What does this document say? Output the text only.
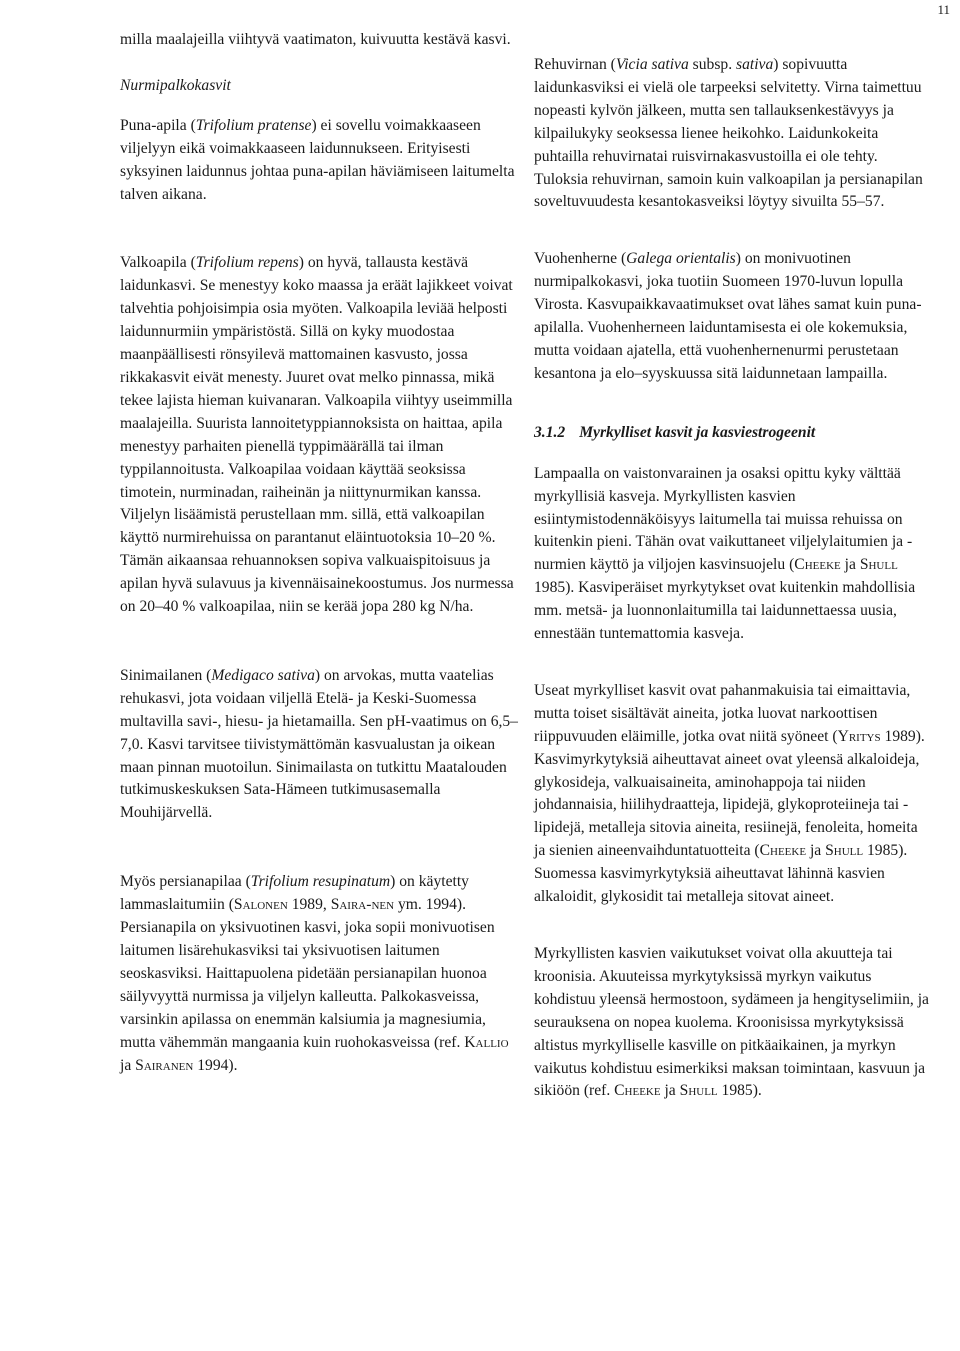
11

milla maalajeilla viihtyvä vaatimaton, kuivuutta kestävä kasvi.

Nurmipalkokasvit

Puna-apila (Trifolium pratense) ei sovellu voimakkaaseen viljelyyn eikä voimakkaaseen laidunnukseen. Erityisesti syksyinen laidunnus johtaa puna-apilan häviämiseen laitumelta talven aikana.

Valkoapila (Trifolium repens) on hyvä, tallausta kestävä laidunkasvi. Se menestyy koko maassa ja eräät lajikkeet voivat talvehtia pohjoisimpia osia myöten. Valkoapila leviää helposti laidunnurmiin ympäristöstä. Sillä on kyky muodostaa maanpäällisesti rönsyilevä mattomainen kasvusto, jossa rikkakasvit eivät menesty. Juuret ovat melko pinnassa, mikä tekee lajista hieman kuivanaran. Valkoapila viihtyy useimmilla maalajeilla. Suurista lannoitetyppiannoksista on haittaa, apila menestyy parhaiten pienellä typpimäärällä tai ilman typpilannoitusta. Valkoapilaa voidaan käyttää seoksissa timotein, nurminadan, raiheinän ja niittynurmikan kanssa. Viljelyn lisäämistä perustellaan mm. sillä, että valkoapilan käyttö nurmirehuissa on parantanut eläintuotoksia 10–20 %. Tämän aikaansaa rehuannoksen sopiva valkuaispitoisuus ja apilan hyvä sulavuus ja kivennäisainekoostumus. Jos nurmessa on 20–40 % valkoapilaa, niin se kerää jopa 280 kg N/ha.

Sinimailanen (Medigaco sativa) on arvokas, mutta vaatelias rehukasvi, jota voidaan viljellä Etelä- ja Keski-Suomessa multavilla savi-, hiesu- ja hietamailla. Sen pH-vaatimus on 6,5–7,0. Kasvi tarvitsee tiivistymättömän kasvualustan ja oikean maan pinnan muotoilun. Sinimailasta on tutkittu Maatalouden tutkimuskeskuksen Sata-Hämeen tutkimusasemalla Mouhijärvellä.

Myös persianapilaa (Trifolium resupinatum) on käytetty lammaslaitumiin (Salonen 1989, Saira-nen ym. 1994). Persianapila on yksivuotinen kasvi, joka sopii monivuotisen laitumen lisärehukasviksi tai yksivuotisen laitumen seoskasviksi. Haittapuolena pidetään persianapilan huonoa säilyvyyttä nurmissa ja viljelyn kalleutta. Palkokasveissa, varsinkin apilassa on enemmän kalsiumia ja magnesiumia, mutta vähemmän mangaania kuin ruohokasveissa (ref. Kallio ja Sairanen 1994).

Rehuvirnan (Vicia sativa subsp. sativa) sopivuutta laidunkasviksi ei vielä ole tarpeeksi selvitetty. Virna taimettuu nopeasti kylvön jälkeen, mutta sen tallauksenkestävyys ja kilpailukyky seoksessa lienee heikohko. Laidunkokeita puhtailla rehuvirnatai ruisvirnakasvustoilla ei ole tehty. Tuloksia rehuvirnan, samoin kuin valkoapilan ja persianapilan soveltuvuudesta kesantokasveiksi löytyy sivuilta 55–57.

Vuohenherne (Galega orientalis) on monivuotinen nurmipalkokasvi, joka tuotiin Suomeen 1970-luvun lopulla Virosta. Kasvupaikkavaatimukset ovat lähes samat kuin puna-apilalla. Vuohenherneen laiduntamisesta ei ole kokemuksia, mutta voidaan ajatella, että vuohenhernenurmi perustetaan kesantona ja elo–syyskuussa sitä laidunnetaan lampailla.

3.1.2 Myrkylliset kasvit ja kasviestrogeenit

Lampaalla on vaistonvarainen ja osaksi opittu kyky välttää myrkyllisiä kasveja. Myrkyllisten kasvien esiintymistodennäköisyys laitumella tai muissa rehuissa on kuitenkin pieni. Tähän ovat vaikuttaneet viljelylaitumien ja -nurmien käyttö ja viljojen kasvinsuojelu (Cheeke ja Shull 1985). Kasviperäiset myrkytykset ovat kuitenkin mahdollisia mm. metsä- ja luonnonlaitumilla tai laidunnettaessa uusia, ennestään tuntemattomia kasveja.

Useat myrkylliset kasvit ovat pahanmakuisia tai eimaittavia, mutta toiset sisältävät aineita, jotka luovat narkoottisen riippuvuuden eläimille, jotka ovat niitä syöneet (Yritys 1989). Kasvimyrkytyksiä aiheuttavat aineet ovat yleensä alkaloideja, glykosideja, valkuaisaineita, aminohappoja tai niiden johdannaisia, hiilihydraatteja, lipidejä, glykoproteiineja tai -lipidejä, metalleja sitovia aineita, resiinejä, fenoleita, homeita ja sienien aineenvaihduntatuotteita (Cheeke ja Shull 1985). Suomessa kasvimyrkytyksiä aiheuttavat lähinnä kasvien alkaloidit, glykosidit tai metalleja sitovat aineet.

Myrkyllisten kasvien vaikutukset voivat olla akuutteja tai kroonisia. Akuuteissa myrkytyksissä myrkyn vaikutus kohdistuu yleensä hermostoon, sydämeen ja hengityselimiin, ja seurauksena on nopea kuolema. Kroonisissa myrkytyksissä altistus myrkylliselle kasville on pitkäaikainen, ja myrkyn vaikutus kohdistuu esimerkiksi maksan toimintaan, kasvuun ja sikiöön (ref. Cheeke ja Shull 1985).
